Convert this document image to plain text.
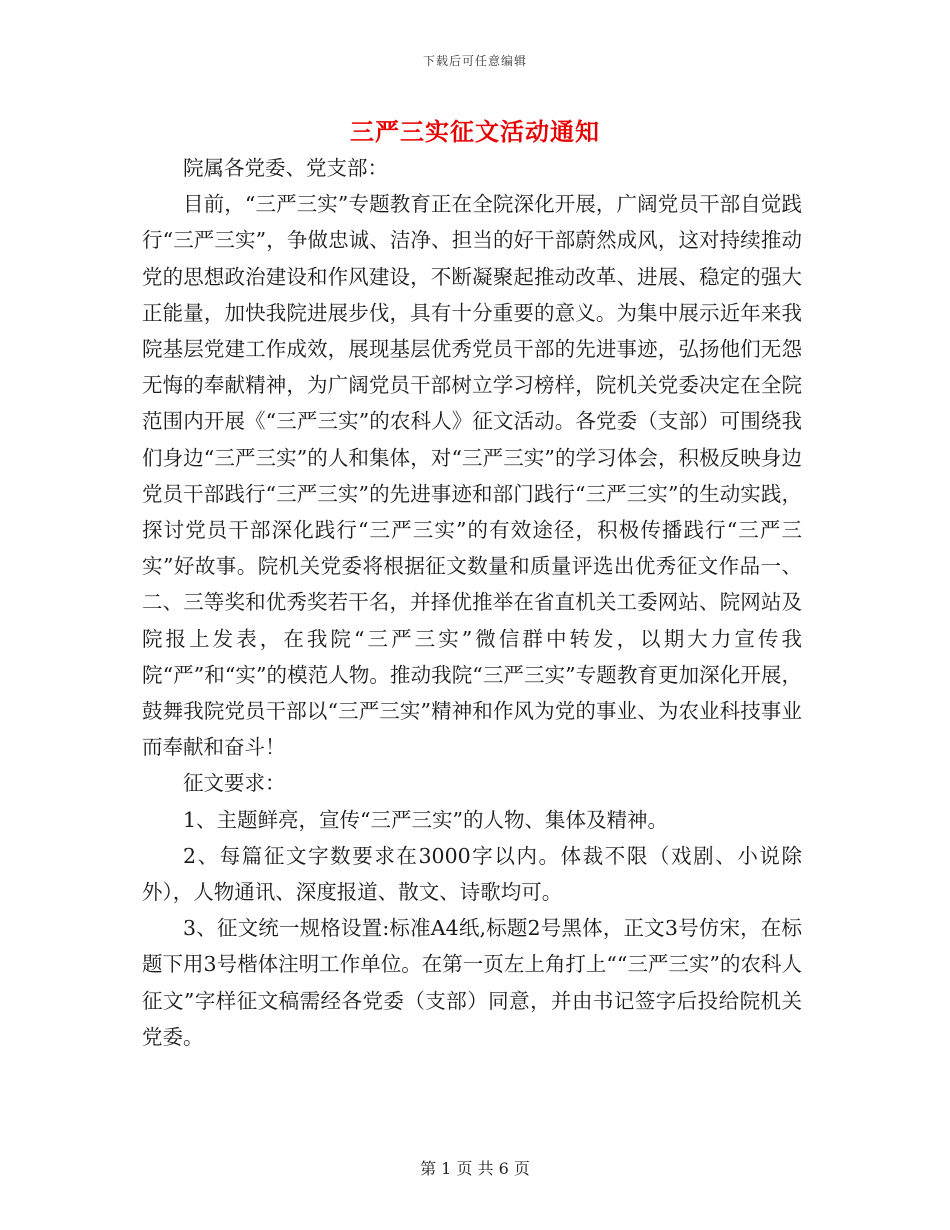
下载后可任意编辑
三严三实征文活动通知

院属各党委、党支部：

目前，“三严三实”专题教育正在全院深化开展，广阔党员干部自觉践行“三严三实”，争做忠诚、洁净、担当的好干部蔚然成风，这对持续推动党的思想政治建设和作风建设，不断凝聚起推动改革、进展、稳定的强大正能量，加快我院进展步伐，具有十分重要的意义。为集中展示近年来我院基层党建工作成效，展现基层优秀党员干部的先进事迹，弘扬他们无怨无悔的奉献精神，为广阔党员干部树立学习榜样，院机关党委决定在全院范围内开展《“三严三实”的农科人》征文活动。各党委（支部）可围绕我们身边“三严三实”的人和集体，对“三严三实”的学习体会，积极反映身边党员干部践行“三严三实”的先进事迹和部门践行“三严三实”的生动实践，探讨党员干部深化践行“三严三实”的有效途径，积极传播践行“三严三实”好故事。院机关党委将根据征文数量和质量评选出优秀征文作品一、二、三等奖和优秀奖若干名，并择优推举在省直机关工委网站、院网站及院报上发表，在我院“三严三实”微信群中转发，以期大力宣传我院“严”和“实”的模范人物。推动我院“三严三实”专题教育更加深化开展，鼓舞我院党员干部以“三严三实”精神和作风为党的事业、为农业科技事业而奉献和奋斗！

征文要求：

1、主题鲜亮，宣传“三严三实”的人物、集体及精神。

2、每篇征文字数要求在3000字以内。体裁不限（戏剧、小说除外），人物通讯、深度报道、散文、诗歌均可。

3、征文统一规格设置:标准A4纸,标题2号黑体，正文3号仿宋，在标题下用3号楷体注明工作单位。在第一页左上角打上““三严三实”的农科人征文”字样征文稿需经各党委（支部）同意，并由书记签字后投给院机关党委。

第 1 页 共 6 页
